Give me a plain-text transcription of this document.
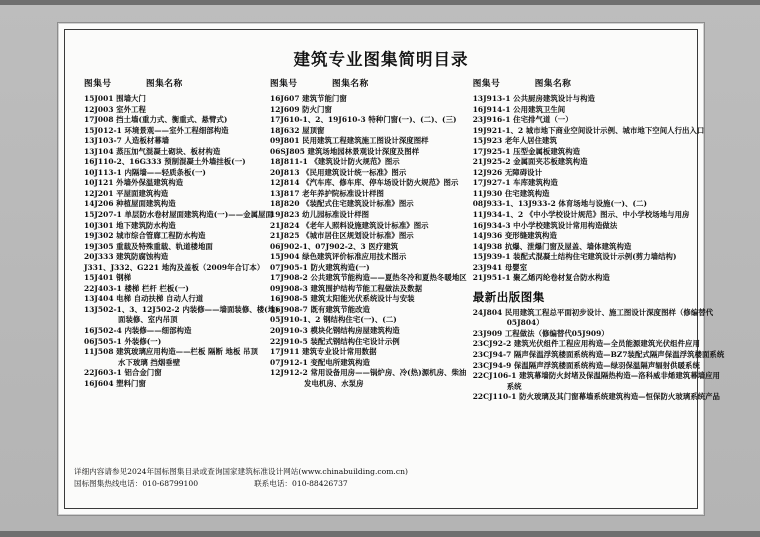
建筑专业图集简明目录
图集号	图集名称
15J001 围墙大门
12J003 室外工程
17J008 挡土墙(重力式、衡重式、悬臂式)
15J012-1 环境景观——室外工程细部构造
13J103-7 人造板材幕墙
13J104 蒸压加气混凝土砌块、板材构造
16J110-2、16G333 预制混凝土外墙挂板(一)
10J113-1 内隔墙——轻质条板(一)
10J121 外墙外保温建筑构造
12J201 平屋面建筑构造
14J206 种植屋面建筑构造
15J207-1 单层防水卷材屋面建筑构造(一)——金属屋面
10J301 地下建筑防水构造
19J302 城市综合管廊工程防水构造
19J305 重载及特殊重载、轨道楼地面
20J333 建筑防腐蚀构造
J331、J332、G221 地沟及盖板（2009年合订本）
15J401 钢梯
22J403-1 楼梯 栏杆 栏板(一)
13J404 电梯 自动扶梯 自动人行道
13J502-1、3、12J502-2 内装修——墙面装修、楼(地)
面装修、室内吊顶
16J502-4 内装修——细部构造
06J505-1 外装修(一)
11J508 建筑玻璃应用构造——栏板 隔断 地板 吊顶
水下玻璃 挡烟垂壁
22J603-1 铝合金门窗
16J604 塑料门窗
图集号	图集名称
16J607 建筑节能门窗
12J609 防火门窗
17J610-1、2、19J610-3 特种门窗(一)、(二)、(三)
18J632 屋顶窗
09J801 民用建筑工程建筑施工图设计深度图样
06SJ805 建筑场地园林景观设计深度及图样
18J811-1 《建筑设计防火规范》图示
20J813 《民用建筑设计统一标准》图示
12J814 《汽车库、修车库、停车场设计防火规范》图示
13J817 老年养护院标准设计样图
18J820 《装配式住宅建筑设计标准》图示
19J823 幼儿园标准设计样图
21J824 《老年人照料设施建筑设计标准》图示
21J825 《城市居住区规划设计标准》图示
06J902-1、07J902-2、3 医疗建筑
15J904 绿色建筑评价标准应用技术图示
07J905-1 防火建筑构造(一)
17J908-2 公共建筑节能构造——夏热冬冷和夏热冬暖地区
09J908-3 建筑围护结构节能工程做法及数据
16J908-5 建筑太阳能光伏系统设计与安装
16J908-7 既有建筑节能改造
05J910-1、2 钢结构住宅(一)、(二)
20J910-3 模块化钢结构房屋建筑构造
22J910-5 装配式钢结构住宅设计示例
17J911 建筑专业设计常用数据
07J912-1 变配电所建筑构造
12J912-2 常用设备用房——锅炉房、冷(热)源机房、柴油
发电机房、水泵房
图集号	图集名称
13J913-1 公共厨房建筑设计与构造
16J914-1 公用建筑卫生间
23J916-1 住宅排气道（一）
19J921-1、2 城市地下商业空间设计示例、城市地下空间人行出入口
15J923 老年人居住建筑
17J925-1 压型金属板建筑构造
21J925-2 金属面夹芯板建筑构造
12J926 无障碍设计
17J927-1 车库建筑构造
11J930 住宅建筑构造
08J933-1、13J933-2 体育场地与设施(一)、(二)
11J934-1、2 《中小学校设计规范》图示、中小学校场地与用房
16J934-3 中小学校建筑设计常用构造做法
14J936 变形缝建筑构造
14J938 抗爆、泄爆门窗及屋盖、墙体建筑构造
15J939-1 装配式混凝土结构住宅建筑设计示例(剪力墙结构)
23J941 母婴室
21J951-1 聚乙烯丙纶卷材复合防水构造
最新出版图集
24J804 民用建筑工程总平面初步设计、施工图设计深度图样（修编替代
05J804）
23J909 工程做法（修编替代05J909）
23CJ92-2 建筑光伏组件工程应用构造—全员能源建筑光伏组件应用
23CJ94-7 隔声保温浮筑楼面系统构造—BZ7装配式隔声保温浮筑楼面系统
23CJ94-9 保温隔声浮筑楼面系统构造—绿羽保温隔声辐射供暖系统
22CJ106-1 建筑幕墙防火封堵及保温隔热构造—洛科威非烯建筑幕墙应用
系统
22CJ110-1 防火玻璃及其门窗幕墙系统建筑构造—恒保防火玻璃系统产品
详细内容请参见2024年国标图集目录或查询国家建筑标准设计网站(www.chinabuilding.com.cn)
国标图集热线电话：010-68799100	联系电话：010-88426737
